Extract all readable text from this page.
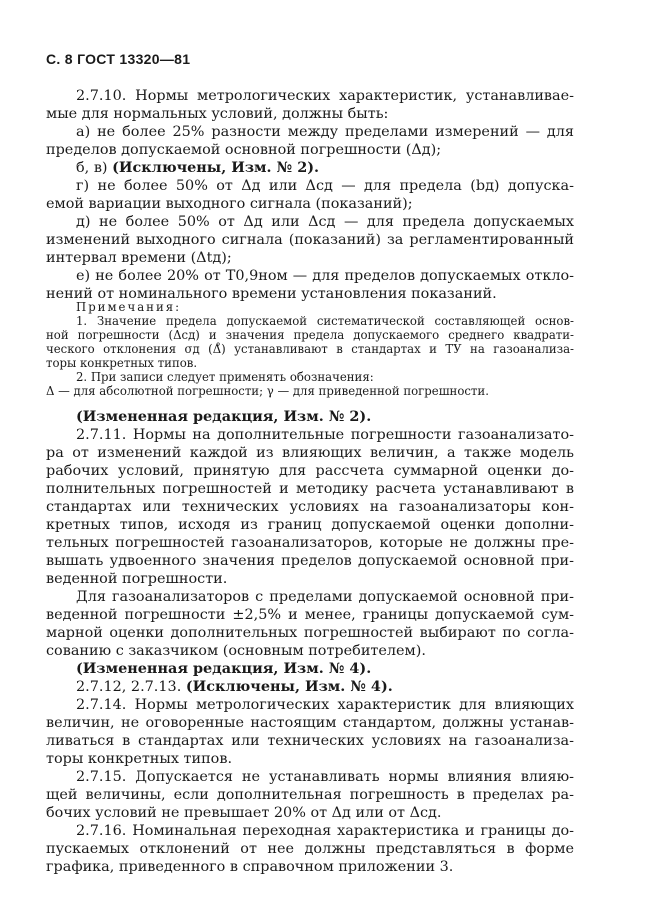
С. 8 ГОСТ 13320—81
2.7.10. Нормы метрологических характеристик, устанавливае-
мые для нормальных условий, должны быть:
а) не более 25% разности между пределами измерений — для
пределов допускаемой основной погрешности (Δд);
б, в) (Исключены, Изм. № 2).
г) не более 50% от Δд или Δсд — для предела (bд) допуска-
емой вариации выходного сигнала (показаний);
д) не более 50% от Δд или Δсд — для предела допускаемых
изменений выходного сигнала (показаний) за регламентированный
интервал времени (Δtд);
е) не более 20% от T0,9ном — для пределов допускаемых откло-
нений от номинального времени установления показаний.
Примечания:
1. Значение предела допускаемой систематической составляющей основ-
ной погрешности (Δсд) и значения предела допускаемого среднего квадрати-
ческого отклонения σд (Δ̊) устанавливают в стандартах и ТУ на газоанализа-
торы конкретных типов.
2. При записи следует применять обозначения:
Δ — для абсолютной погрешности; γ — для приведенной погрешности.
(Измененная редакция, Изм. № 2).
2.7.11. Нормы на дополнительные погрешности газоанализато-
ра от изменений каждой из влияющих величин, а также модель
рабочих условий, принятую для рассчета суммарной оценки до-
полнительных погрешностей и методику расчета устанавливают в
стандартах или технических условиях на газоанализаторы кон-
кретных типов, исходя из границ допускаемой оценки дополни-
тельных погрешностей газоанализаторов, которые не должны пре-
вышать удвоенного значения пределов допускаемой основной при-
веденной погрешности.
Для газоанализаторов с пределами допускаемой основной при-
веденной погрешности ±2,5% и менее, границы допускаемой сум-
марной оценки дополнительных погрешностей выбирают по согла-
сованию с заказчиком (основным потребителем).
(Измененная редакция, Изм. № 4).
2.7.12, 2.7.13. (Исключены, Изм. № 4).
2.7.14. Нормы метрологических характеристик для влияющих
величин, не оговоренные настоящим стандартом, должны устанав-
ливаться в стандартах или технических условиях на газоанализа-
торы конкретных типов.
2.7.15. Допускается не устанавливать нормы влияния влияю-
щей величины, если дополнительная погрешность в пределах ра-
бочих условий не превышает 20% от Δд или от Δсд.
2.7.16. Номинальная переходная характеристика и границы до-
пускаемых отклонений от нее должны представляться в форме
графика, приведенного в справочном приложении 3.
